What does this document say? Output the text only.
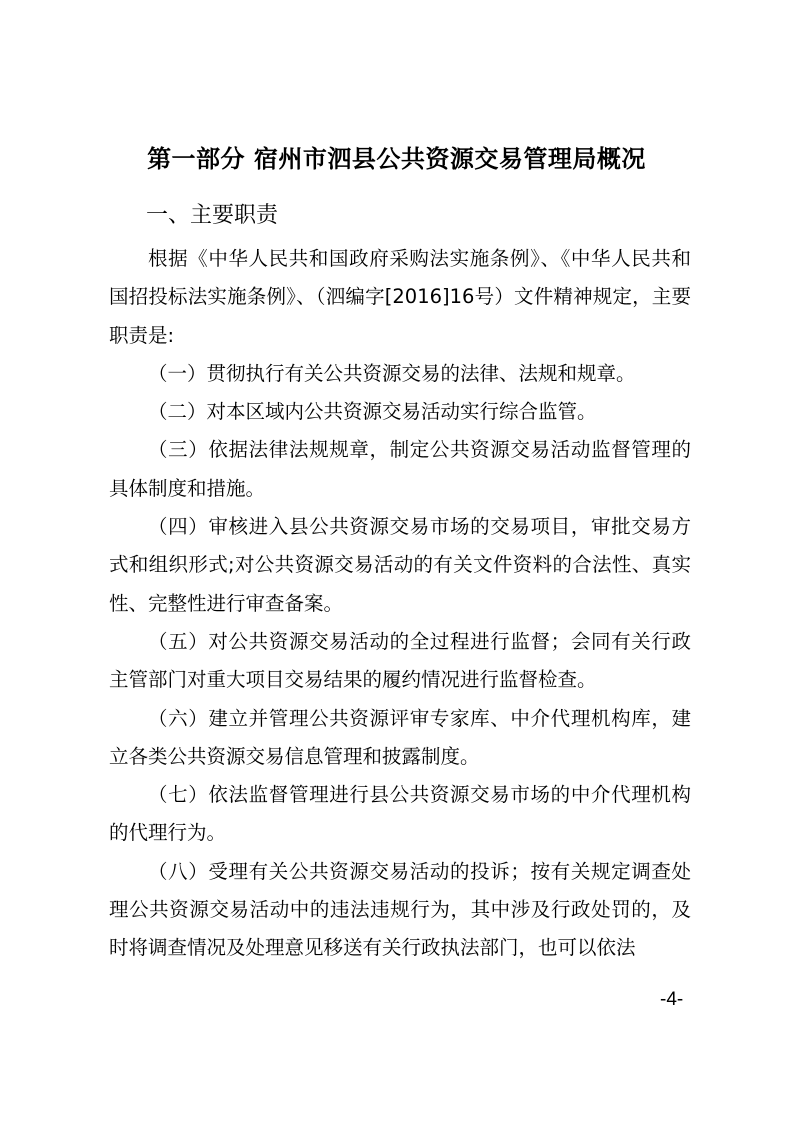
第一部分 宿州市泗县公共资源交易管理局概况
一、主要职责

根据《中华人民共和国政府采购法实施条例》、《中华人民共和国招投标法实施条例》、（泗编字[2016]16号）文件精神规定，主要职责是:

（一）贯彻执行有关公共资源交易的法律、法规和规章。

（二）对本区域内公共资源交易活动实行综合监管。

（三）依据法律法规规章，制定公共资源交易活动监督管理的具体制度和措施。

（四）审核进入县公共资源交易市场的交易项目，审批交易方式和组织形式;对公共资源交易活动的有关文件资料的合法性、真实性、完整性进行审查备案。

（五）对公共资源交易活动的全过程进行监督；会同有关行政主管部门对重大项目交易结果的履约情况进行监督检查。

（六）建立并管理公共资源评审专家库、中介代理机构库，建立各类公共资源交易信息管理和披露制度。

（七）依法监督管理进行县公共资源交易市场的中介代理机构的代理行为。

（八）受理有关公共资源交易活动的投诉；按有关规定调查处理公共资源交易活动中的违法违规行为，其中涉及行政处罚的，及时将调查情况及处理意见移送有关行政执法部门，也可以依法

-4-
